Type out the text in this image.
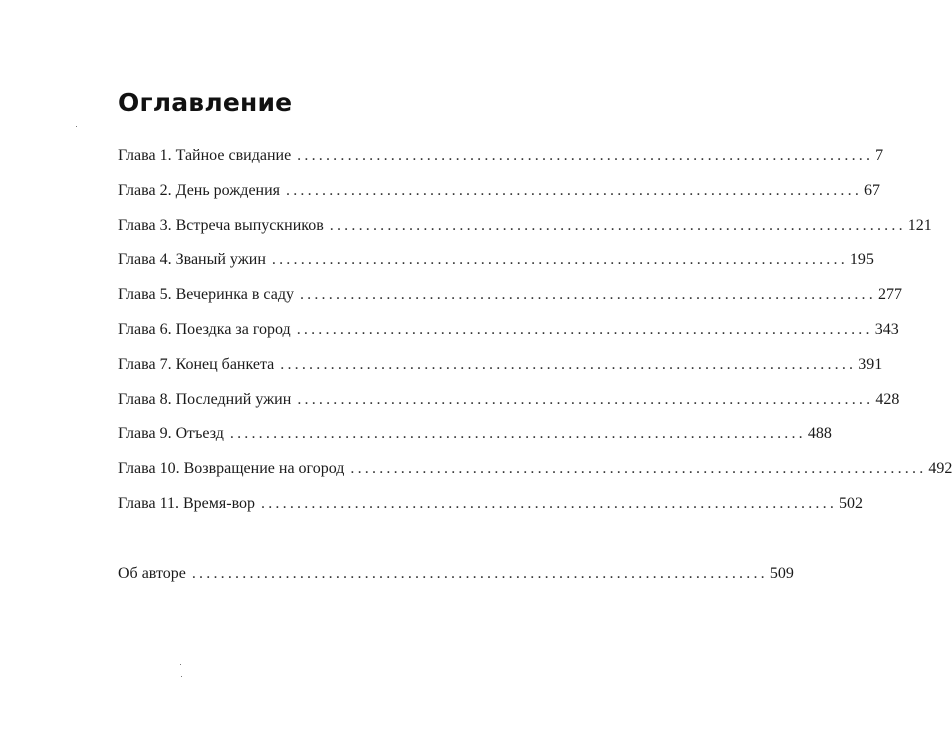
Оглавление
Глава 1. Тайное свидание ................................................................................ 7
Глава 2. День рождения ................................................................................ 67
Глава 3. Встреча выпускников ................................................................................ 121
Глава 4. Званый ужин ................................................................................ 195
Глава 5. Вечеринка в саду ................................................................................ 277
Глава 6. Поездка за город ................................................................................ 343
Глава 7. Конец банкета ................................................................................ 391
Глава 8. Последний ужин ................................................................................ 428
Глава 9. Отъезд ................................................................................ 488
Глава 10. Возвращение на огород ................................................................................ 492
Глава 11. Время-вор ................................................................................ 502
Об авторе ................................................................................ 509
